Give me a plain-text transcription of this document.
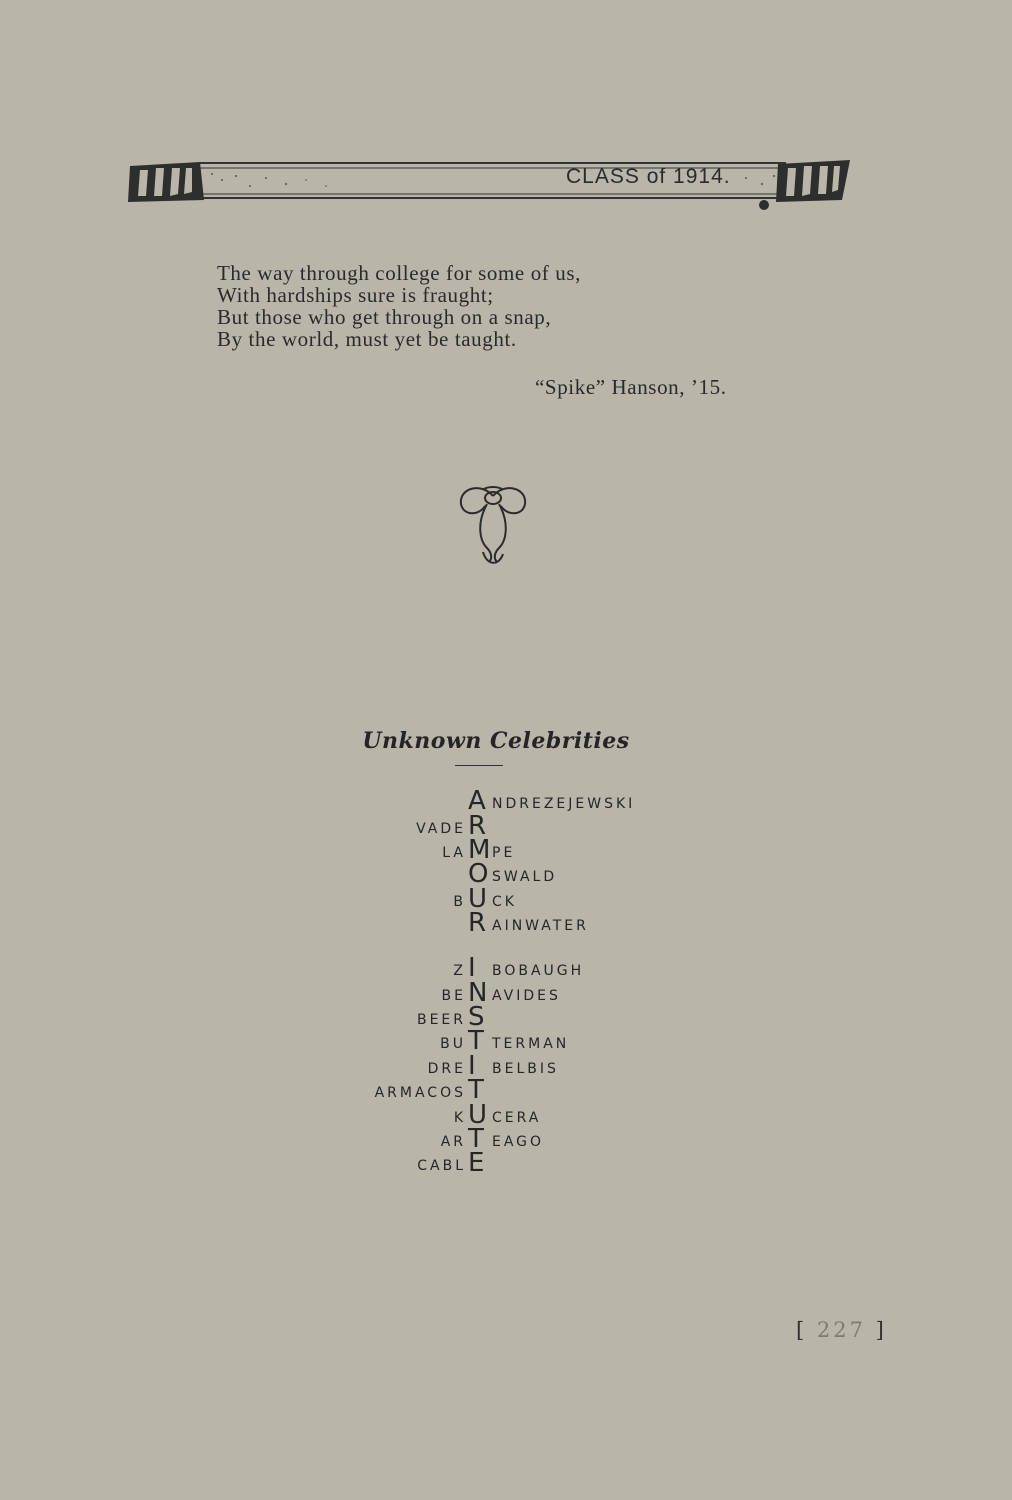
CLASS of 1914.
The way through college for some of us,
With hardships sure is fraught;
But those who get through on a snap,
By the world, must yet be taught.
“Spike” Hanson, ’15.
Unknown Celebrities
A NDREZEJEWSKI
VADE R
LA M PE
O SWALD
B U CK
R AINWATER
Z I BOBAUGH
BE N AVIDES
BEER S
BU T TERMAN
DRE I BELBIS
ARMACOS T
K U CERA
AR T EAGO
CABL E
[ 227 ]
